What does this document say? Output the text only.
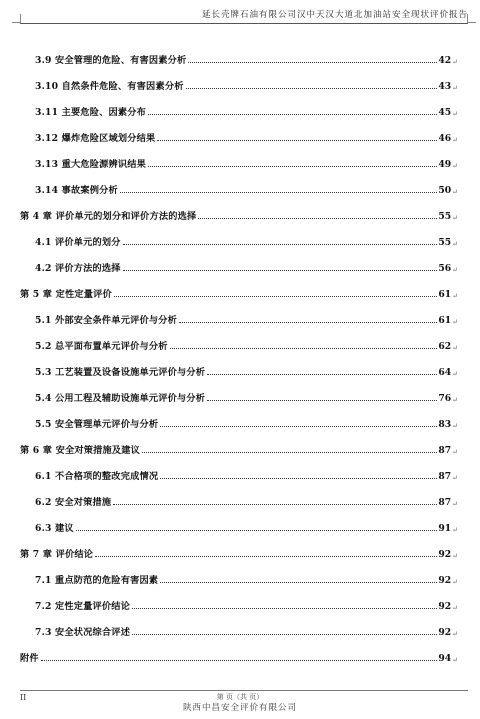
延长壳牌石油有限公司汉中天汉大道北加油站安全现状评价报告
3.9 安全管理的危险、有害因素分析	42 ↵
3.10 自然条件危险、有害因素分析	43 ↵
3.11 主要危险、因素分布	45 ↵
3.12 爆炸危险区域划分结果	46 ↵
3.13 重大危险源辨识结果	49 ↵
3.14 事故案例分析	50 ↵
第 4 章 评价单元的划分和评价方法的选择	55 ↵
4.1 评价单元的划分	55 ↵
4.2 评价方法的选择	56 ↵
第 5 章 定性定量评价	61 ↵
5.1 外部安全条件单元评价与分析	61 ↵
5.2 总平面布置单元评价与分析	62 ↵
5.3 工艺装置及设备设施单元评价与分析	64 ↵
5.4 公用工程及辅助设施单元评价与分析	76 ↵
5.5 安全管理单元评价与分析	83 ↵
第 6 章 安全对策措施及建议	87 ↵
6.1 不合格项的整改完成情况	87 ↵
6.2 安全对策措施	87 ↵
6.3 建议	91 ↵
第 7 章 评价结论	92 ↵
7.1 重点防范的危险有害因素	92 ↵
7.2 定性定量评价结论	92 ↵
7.3 安全状况综合评述	92 ↵
附件	94 ↵
II	第 页（共 页）
陕西中昌安全评价有限公司
